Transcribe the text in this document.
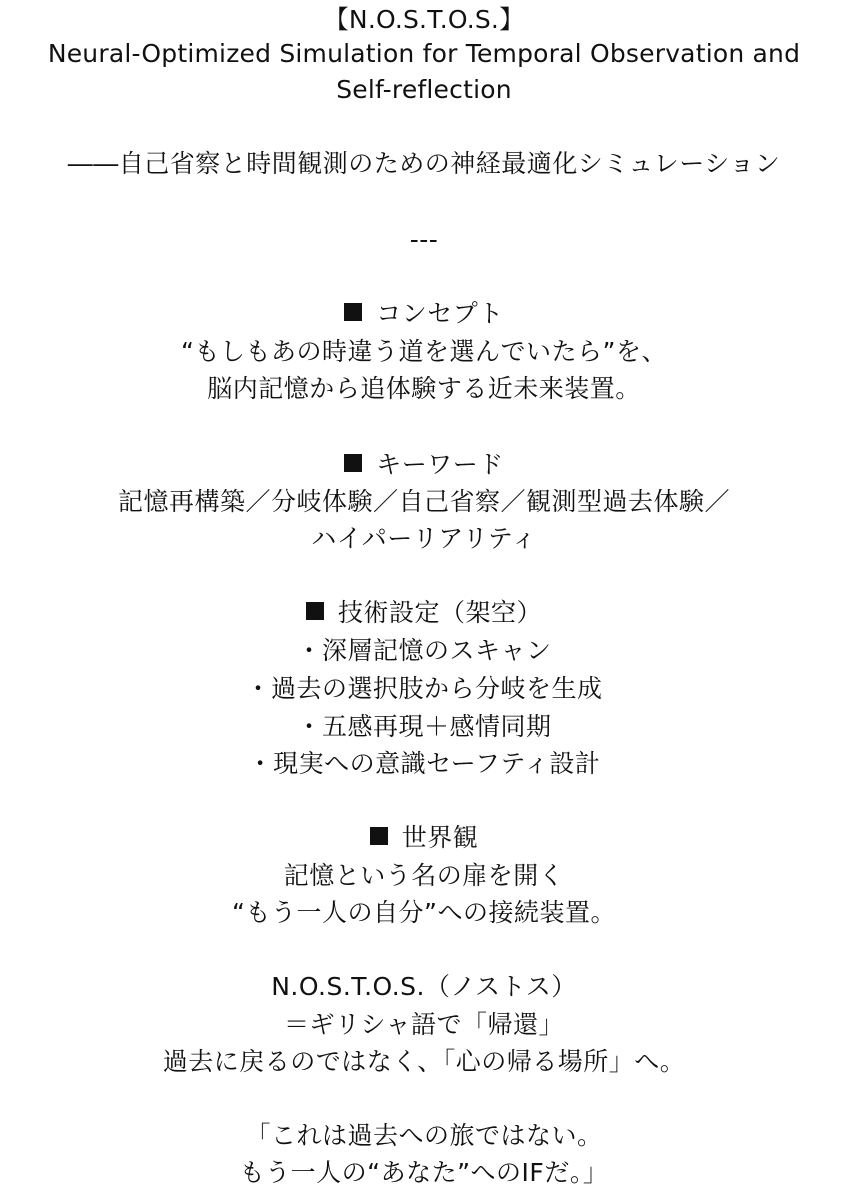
【N.O.S.T.O.S.】
Neural-Optimized Simulation for Temporal Observation and
Self-reflection
――自己省察と時間観測のための神経最適化シミュレーション
---
コンセプト
“もしもあの時違う道を選んでいたら”を、
脳内記憶から追体験する近未来装置。
キーワード
記憶再構築／分岐体験／自己省察／観測型過去体験／
ハイパーリアリティ
技術設定（架空）
・深層記憶のスキャン
・過去の選択肢から分岐を生成
・五感再現＋感情同期
・現実への意識セーフティ設計
世界観
記憶という名の扉を開く
“もう一人の自分”への接続装置。
N.O.S.T.O.S.（ノストス）
＝ギリシャ語で「帰還」
過去に戻るのではなく、「心の帰る場所」へ。
「これは過去への旅ではない。
もう一人の“あなた”へのIFだ。」
